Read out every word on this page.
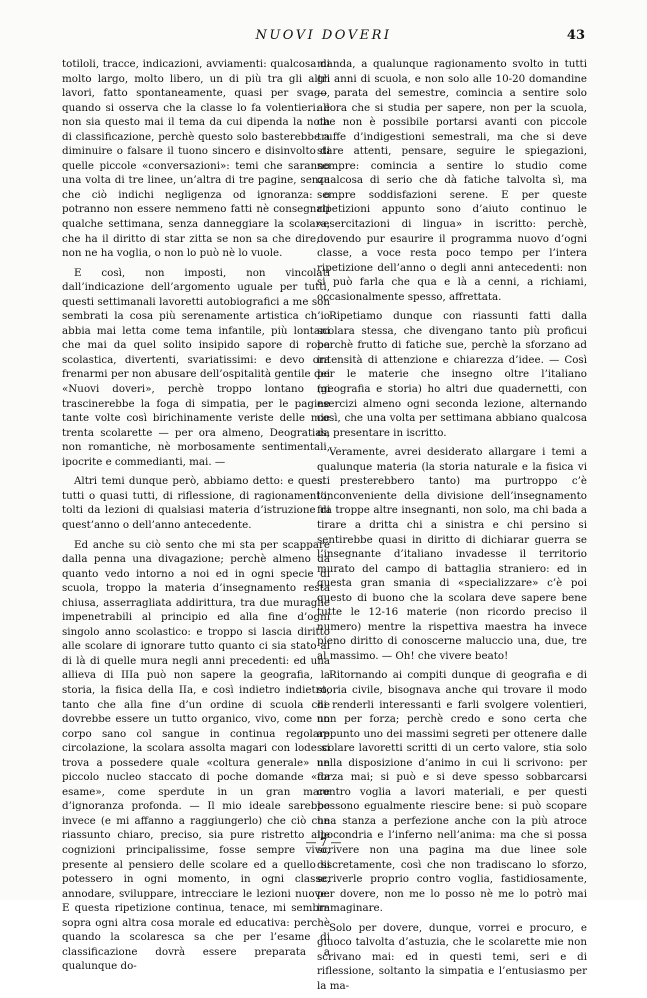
NUOVI DOVERI	43

totiloli, tracce, indicazioni, avviamenti: qualcosa di molto largo, molto libero, un di più tra gli altri lavori, fatto spontaneamente, quasi per svago, quando si osserva che la classe lo fa volentieri: e non sia questo mai il tema da cui dipenda la nota di classificazione, perchè questo solo basterebbe a diminuire o falsare il tuono sincero e disinvolto di quelle piccole «conversazioni»: temi che saranno una volta di tre linee, un’altra di tre pagine, senza che ciò indichi negligenza od ignoranza: o potranno non essere nemmeno fatti nè consegnati qualche settimana, senza danneggiare la scolara, che ha il diritto di star zitta se non sa che dire, o non ne ha voglia, o non lo può nè lo vuole.

E così, non imposti, non vincolati dall’indicazione dell’argomento uguale per tutti, questi settimanali lavoretti autobiografici a me son sembrati la cosa più serenamente artistica ch’io abbia mai letta come tema infantile, più lontani che mai da quel solito insipido sapore di roba scolastica, divertenti, svariatissimi: e devo ora frenarmi per non abusare dell’ospitalità gentile dei «Nuovi doveri», perchè troppo lontano mi trascinerebbe la foga di simpatia, per le pagine tante volte così birichinamente veriste delle mie trenta scolarette — per ora almeno, Deogratias, non romantiche, nè morbosamente sentimentali, ipocrite e commedianti, mai. —

Altri temi dunque però, abbiamo detto: e questi tutti o quasi tutti, di riflessione, di ragionamento, tolti da lezioni di qualsiasi materia d’istruzione di quest’anno o dell’anno antecedente.

Ed anche su ciò sento che mi sta per scappare dalla penna una divagazione; perchè almeno da quanto vedo intorno a noi ed in ogni specie di scuola, troppo la materia d’insegnamento resta chiusa, asserragliata addirittura, tra due muraglie impenetrabili al principio ed alla fine d’ogni singolo anno scolastico: e troppo si lascia diritto alle scolare di ignorare tutto quanto ci sia stato al di là di quelle mura negli anni precedenti: ed una allieva di IIIa può non sapere la geografia, la storia, la fisica della IIa, e così indietro indietro, tanto che alla fine d’un ordine di scuola che dovrebbe essere un tutto organico, vivo, come un corpo sano col sangue in continua regolare circolazione, la scolara assolta magari con lode si trova a possedere quale «coltura generale» un piccolo nucleo staccato di poche domande «da esame», come sperdute in un gran mare d’ignoranza profonda. — Il mio ideale sarebbe invece (e mi affanno a raggiungerlo) che ciò che riassunto chiaro, preciso, sia pure ristretto alle cognizioni principalissime, fosse sempre vivo, presente al pensiero delle scolare ed a quello si potessero in ogni momento, in ogni classe, annodare, sviluppare, intrecciare le lezioni nuove: E questa ripetizione continua, tenace, mi sembra sopra ogni altra cosa morale ed educativa: perchè quando la scolaresca sa che per l’esame di classificazione dovrà essere preparata a qualunque do-

manda, a qualunque ragionamento svolto in tutti gli anni di scuola, e non solo alle 10-20 domandine — parata del semestre, comincia a sentire solo allora che si studia per sapere, non per la scuola, che non è possibile portarsi avanti con piccole truffe d’indigestioni semestrali, ma che si deve stare attenti, pensare, seguire le spiegazioni, sempre: comincia a sentire lo studio come qualcosa di serio che dà fatiche talvolta sì, ma sempre soddisfazioni serene. E per queste ripetizioni appunto sono d’aiuto continuo le «esercitazioni di lingua» in iscritto: perchè, dovendo pur esaurire il programma nuovo d’ogni classe, a voce resta poco tempo per l’intera ripetizione dell’anno o degli anni antecedenti: non si può farla che qua e là a cenni, a richiami, occasionalmente spesso, affrettata.

Ripetiamo dunque con riassunti fatti dalla scolara stessa, che divengano tanto più proficui perchè frutto di fatiche sue, perchè la sforzano ad intensità di attenzione e chiarezza d’idee. — Così per le materie che insegno oltre l’italiano (geografia e storia) ho altri due quadernetti, con esercizi almeno ogni seconda lezione, alternando così, che una volta per settimana abbiano qualcosa da presentare in iscritto.

Veramente, avrei desiderato allargare i temi a qualunque materia (la storia naturale e la fisica vi si presterebbero tanto) ma purtroppo c’è l’inconveniente della divisione dell’insegnamento fra troppe altre insegnanti, non solo, ma chi bada a tirare a dritta chi a sinistra e chi persino si sentirebbe quasi in diritto di dichiarar guerra se l’insegnante d’italiano invadesse il territorio murato del campo di battaglia straniero: ed in questa gran smania di «specializzare» c’è poi questo di buono che la scolara deve sapere bene tutte le 12-16 materie (non ricordo preciso il numero) mentre la rispettiva maestra ha invece pieno diritto di conoscerne maluccio una, due, tre al massimo. — Oh! che vivere beato!

Ritornando ai compiti dunque di geografia e di storia civile, bisognava anche qui trovare il modo di renderli interessanti e farli svolgere volentieri, non per forza; perchè credo e sono certa che appunto uno dei massimi segreti per ottenere dalle scolare lavoretti scritti di un certo valore, stia solo nella disposizione d’animo in cui li scrivono: per forza mai; si può e si deve spesso sobbarcarsi contro voglia a lavori materiali, e per questi possono egualmente riescire bene: si può scopare una stanza a perfezione anche con la più atroce ipocondria e l’inferno nell’anima: ma che si possa scrivere non una pagina ma due linee sole discretamente, così che non tradiscano lo sforzo, scriverle proprio contro voglia, fastidiosamente, per dovere, non me lo posso nè me lo potrò mai immaginare.

Solo per dovere, dunque, vorrei e procuro, e giuoco talvolta d’astuzia, che le scolarette mie non scrivano mai: ed in questi temi, seri e di riflessione, soltanto la simpatia e l’entusiasmo per la ma-

— 7 —
